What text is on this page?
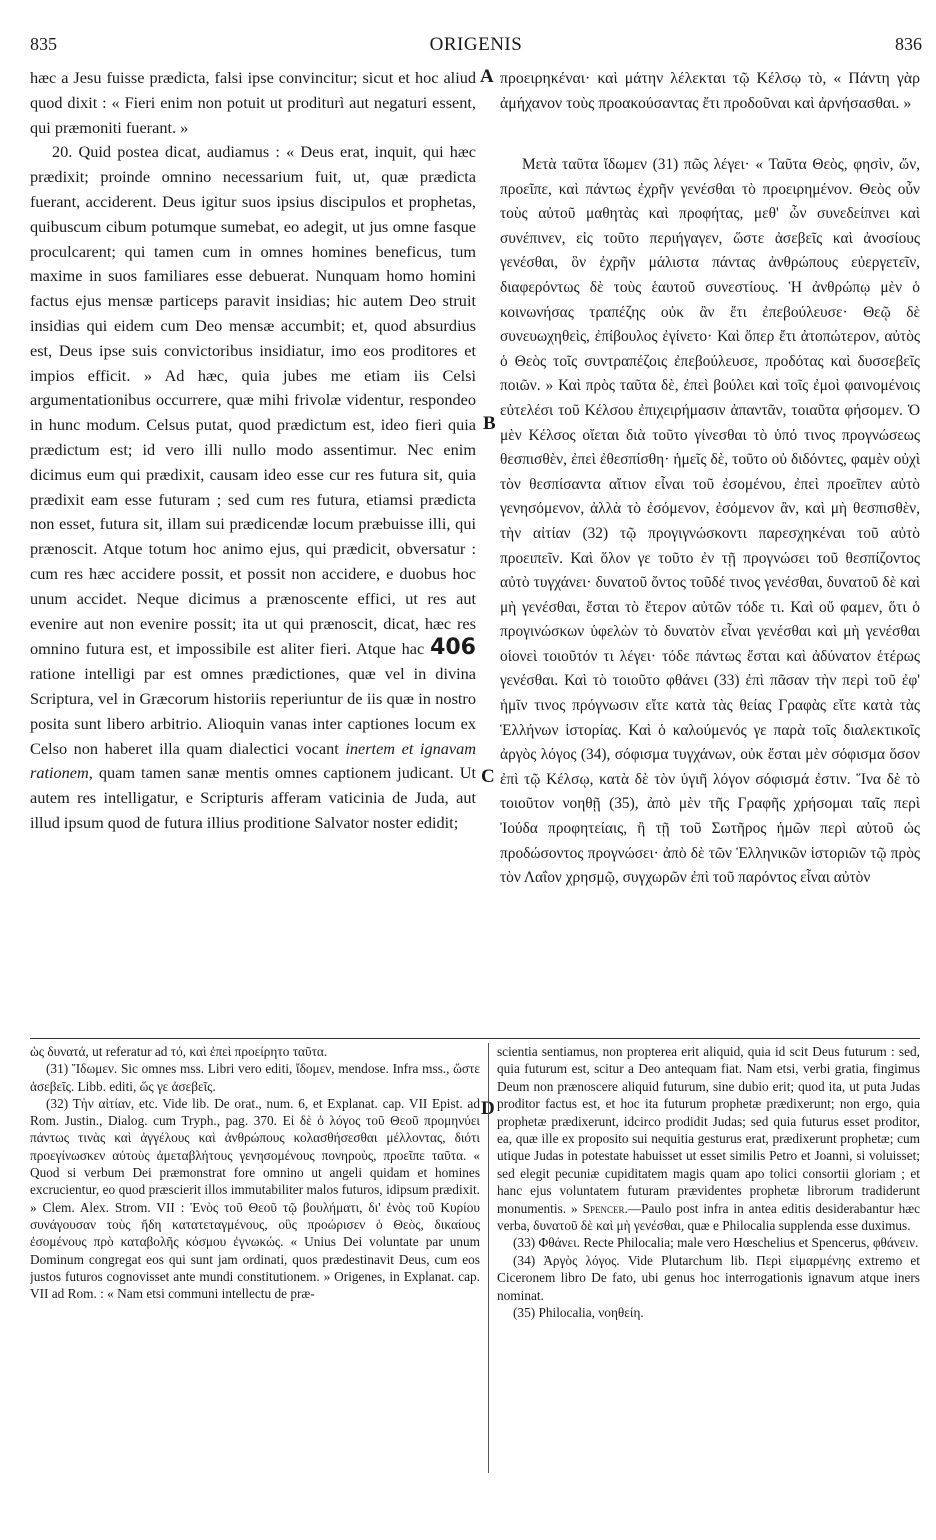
835	ORIGENIS	836

hæc a Jesu fuisse prædicta, falsi ipse convincitur; sicut et hoc aliud quod dixit : « Fieri enim non potuit ut proditurì aut negaturi essent, qui præmoniti fuerant. »

20. Quid postea dicat, audiamus : « Deus erat, inquit, qui hæc prædixit; proinde omnino necessarium fuit, ut, quæ prædicta fuerant, acciderent. Deus igitur suos ipsius discipulos et prophetas, quibuscum cibum potumque sumebat, eo adegit, ut jus omne fasque proculcarent; qui tamen cum in omnes homines beneficus, tum maxime in suos familiares esse debuerat. Nunquam homo homini factus ejus mensæ particeps paravit insidias; hic autem Deo struit insidias qui eidem cum Deo mensæ accumbit; et, quod absurdius est, Deus ipse suis convictoribus insidiatur, imo eos proditores et impios efficit. » Ad hæc, quia jubes me etiam iis Celsi argumentationibus occurrere, quæ mihi frivolæ videntur, respondeo in hunc modum. Celsus putat, quod prædictum est, ideo fieri quia prædictum est; id vero illi nullo modo assentimur. Nec enim dicimus eum qui prædixit, causam ideo esse cur res futura sit, quia prædixit eam esse futuram ; sed cum res futura, etiamsi prædicta non esset, futura sit, illam sui prædicendæ locum præbuisse illi, qui prænoscit. Atque totum hoc animo ejus, qui prædicit, obversatur : cum res hæc accidere possit, et possit non accidere, e duobus hoc unum accidet. Neque dicimus a prænoscente effici, ut res aut evenire aut non evenire possit; ita ut qui prænoscit, dicat, hæc res omnino futura est, et impossibile est aliter fieri. Atque hac 406 ratione intelligi par est omnes prædictiones, quæ vel in divina Scriptura, vel in Græcorum historiis reperiuntur de iis quæ in nostro posita sunt libero arbitrio. Alioquin vanas inter captiones locum ex Celso non haberet illa quam dialectici vocant inertem et ignavam rationem, quam tamen sanæ mentis omnes captionem judicant. Ut autem res intelligatur, e Scripturis afferam vaticinia de Juda, aut illud ipsum quod de futura illius proditione Salvator noster edidit;

A
B
C
D

προειρηκέναι· καὶ μάτην λέλεκται τῷ Κέλσῳ τὸ, « Πάντη γὰρ ἀμήχανον τοὺς προακούσαντας ἔτι προδοῦναι καὶ ἀρνήσασθαι. »

Μετὰ ταῦτα ἴδωμεν (31) πῶς λέγει· « Ταῦτα Θεὸς, φησὶν, ὤν, προεῖπε, καὶ πάντως ἐχρῆν γενέσθαι τὸ προειρημένον. Θεὸς οὖν τοὺς αὐτοῦ μαθητὰς καὶ προφήτας, μεθ' ὧν συνεδείπνει καὶ συνέπινεν, εἰς τοῦτο περιήγαγεν, ὥστε ἀσεβεῖς καὶ ἀνοσίους γενέσθαι, ὃν ἐχρῆν μάλιστα πάντας ἀνθρώπους εὐεργετεῖν, διαφερόντως δὲ τοὺς ἑαυτοῦ συνεστίους. Ἡ ἀνθρώπῳ μὲν ὁ κοινωνήσας τραπέζης οὐκ ἂν ἔτι ἐπεβούλευσε· Θεῷ δὲ συνευωχηθεὶς, ἐπίβουλος ἐγίνετο· Καὶ ὅπερ ἔτι ἀτοπώτερον, αὐτὸς ὁ Θεὸς τοῖς συντραπέζοις ἐπεβούλευσε, προδότας καὶ δυσσεβεῖς ποιῶν. » Καὶ πρὸς ταῦτα δὲ, ἐπεὶ βούλει καὶ τοῖς ἐμοὶ φαινομένοις εὐτελέσι τοῦ Κέλσου ἐπιχειρήμασιν ἀπαντᾶν, τοιαῦτα φήσομεν. Ὁ μὲν Κέλσος οἴεται διὰ τοῦτο γίνεσθαι τὸ ὑπό τινος προγνώσεως θεσπισθὲν, ἐπεὶ ἐθεσπίσθη· ἡμεῖς δὲ, τοῦτο οὐ διδόντες, φαμὲν οὐχὶ τὸν θεσπίσαντα αἴτιον εἶναι τοῦ ἐσομένου, ἐπεὶ προεῖπεν αὐτὸ γενησόμενον, ἀλλὰ τὸ ἐσόμενον, ἐσόμενον ἂν, καὶ μὴ θεσπισθὲν, τὴν αἰτίαν (32) τῷ προγιγνώσκοντι παρεσχηκέναι τοῦ αὐτὸ προειπεῖν. Καὶ ὅλον γε τοῦτο ἐν τῇ προγνώσει τοῦ θεσπίζοντος αὐτὸ τυγχάνει· δυνατοῦ ὄντος τοῦδέ τινος γενέσθαι, δυνατοῦ δὲ καὶ μὴ γενέσθαι, ἔσται τὸ ἕτερον αὐτῶν τόδε τι. Καὶ οὔ φαμεν, ὅτι ὁ προγινώσκων ὑφελὼν τὸ δυνατὸν εἶναι γενέσθαι καὶ μὴ γενέσθαι οἱονεὶ τοιοῦτόν τι λέγει· τόδε πάντως ἔσται καὶ ἀδύνατον ἑτέρως γενέσθαι. Καὶ τὸ τοιοῦτο φθάνει (33) ἐπὶ πᾶσαν τὴν περὶ τοῦ ἐφ' ἡμῖν τινος πρόγνωσιν εἴτε κατὰ τὰς θείας Γραφὰς εἴτε κατὰ τὰς Ἑλλήνων ἱστορίας. Καὶ ὁ καλούμενός γε παρὰ τοῖς διαλεκτικοῖς ἀργὸς λόγος (34), σόφισμα τυγχάνων, οὐκ ἔσται μὲν σόφισμα ὅσον ἐπὶ τῷ Κέλσῳ, κατὰ δὲ τὸν ὑγιῆ λόγον σόφισμά ἐστιν. Ἵνα δὲ τὸ τοιοῦτον νοηθῇ (35), ἀπὸ μὲν τῆς Γραφῆς χρήσομαι ταῖς περὶ Ἰούδα προφητείαις, ἢ τῇ τοῦ Σωτῆρος ἡμῶν περὶ αὐτοῦ ὡς προδώσοντος προγνώσει· ἀπὸ δὲ τῶν Ἑλληνικῶν ἱστοριῶν τῷ πρὸς τὸν Λαΐον χρησμῷ, συγχωρῶν ἐπὶ τοῦ παρόντος εἶναι αὐτὸν

ὡς δυνατά, ut referatur ad τό, καὶ ἐπεὶ προείρητο ταῦτα.

(31) Ἴδωμεν. Sic omnes mss. Libri vero editi, ἴδομεν, mendose. Infra mss., ὥστε ἀσεβεῖς. Libb. editi, ὥς γε ἀσεβεῖς.

(32) Τὴν αἰτίαν, etc. Vide lib. De orat., num. 6, et Explanat. cap. VII Epist. ad Rom. Justin., Dialog. cum Tryph., pag. 370. Εἰ δὲ ὁ λόγος τοῦ Θεοῦ προμηνύει πάντως τινὰς καὶ ἀγγέλους καὶ ἀνθρώπους κολασθήσεσθαι μέλλοντας, διότι προεγίνωσκεν αὐτοὺς ἀμεταβλήτους γενησομένους πονηροὺς, προεῖπε ταῦτα. « Quod si verbum Dei præmonstrat fore omnino ut angeli quidam et homines excrucientur, eo quod præscierit illos immutabiliter malos futuros, idipsum prædixit. » Clem. Alex. Strom. VII : Ἑνὸς τοῦ Θεοῦ τῷ βουλήματι, δι' ἑνὸς τοῦ Κυρίου συνάγουσαν τοὺς ἤδη κατατεταγμένους, οὓς προώρισεν ὁ Θεὸς, δικαίους ἐσομένους πρὸ καταβολῆς κόσμου ἐγνωκώς. « Unius Dei voluntate par unum Dominum congregat eos qui sunt jam ordinati, quos prædestinavit Deus, cum eos justos futuros cognovisset ante mundi constitutionem. » Origenes, in Explanat. cap. VII ad Rom. : « Nam etsi communi intellectu de præ-

scientia sentiamus, non propterea erit aliquid, quia id scit Deus futurum : sed, quia futurum est, scitur a Deo antequam fiat. Nam etsi, verbi gratia, fingimus Deum non prænoscere aliquid futurum, sine dubio erit; quod ita, ut puta Judas proditor factus est, et hoc ita futurum prophetæ prædixerunt; non ergo, quia prophetæ prædixerunt, idcirco prodidit Judas; sed quia futurus esset proditor, ea, quæ ille ex proposito sui nequitia gesturus erat, prædixerunt prophetæ; cum utique Judas in potestate habuisset ut esset similis Petro et Joanni, si voluisset; sed elegit pecuniæ cupiditatem magis quam apo tolici consortii gloriam ; et hanc ejus voluntatem futuram prævidentes prophetæ librorum tradiderunt monumentis. » Spencer.—Paulo post infra in antea editis desiderabantur hæc verba, δυνατοῦ δὲ καὶ μὴ γενέσθαι, quæ e Philocalia supplenda esse duximus.

(33) Φθάνει. Recte Philocalia; male vero Hœschelius et Spencerus, φθάνειν.

(34) Ἀργὸς λόγος. Vide Plutarchum lib. Περὶ εἱμαρμένης extremo et Ciceronem libro De fato, ubi genus hoc interrogationis ignavum atque iners nominat.

(35) Philocalia, νοηθείη.
